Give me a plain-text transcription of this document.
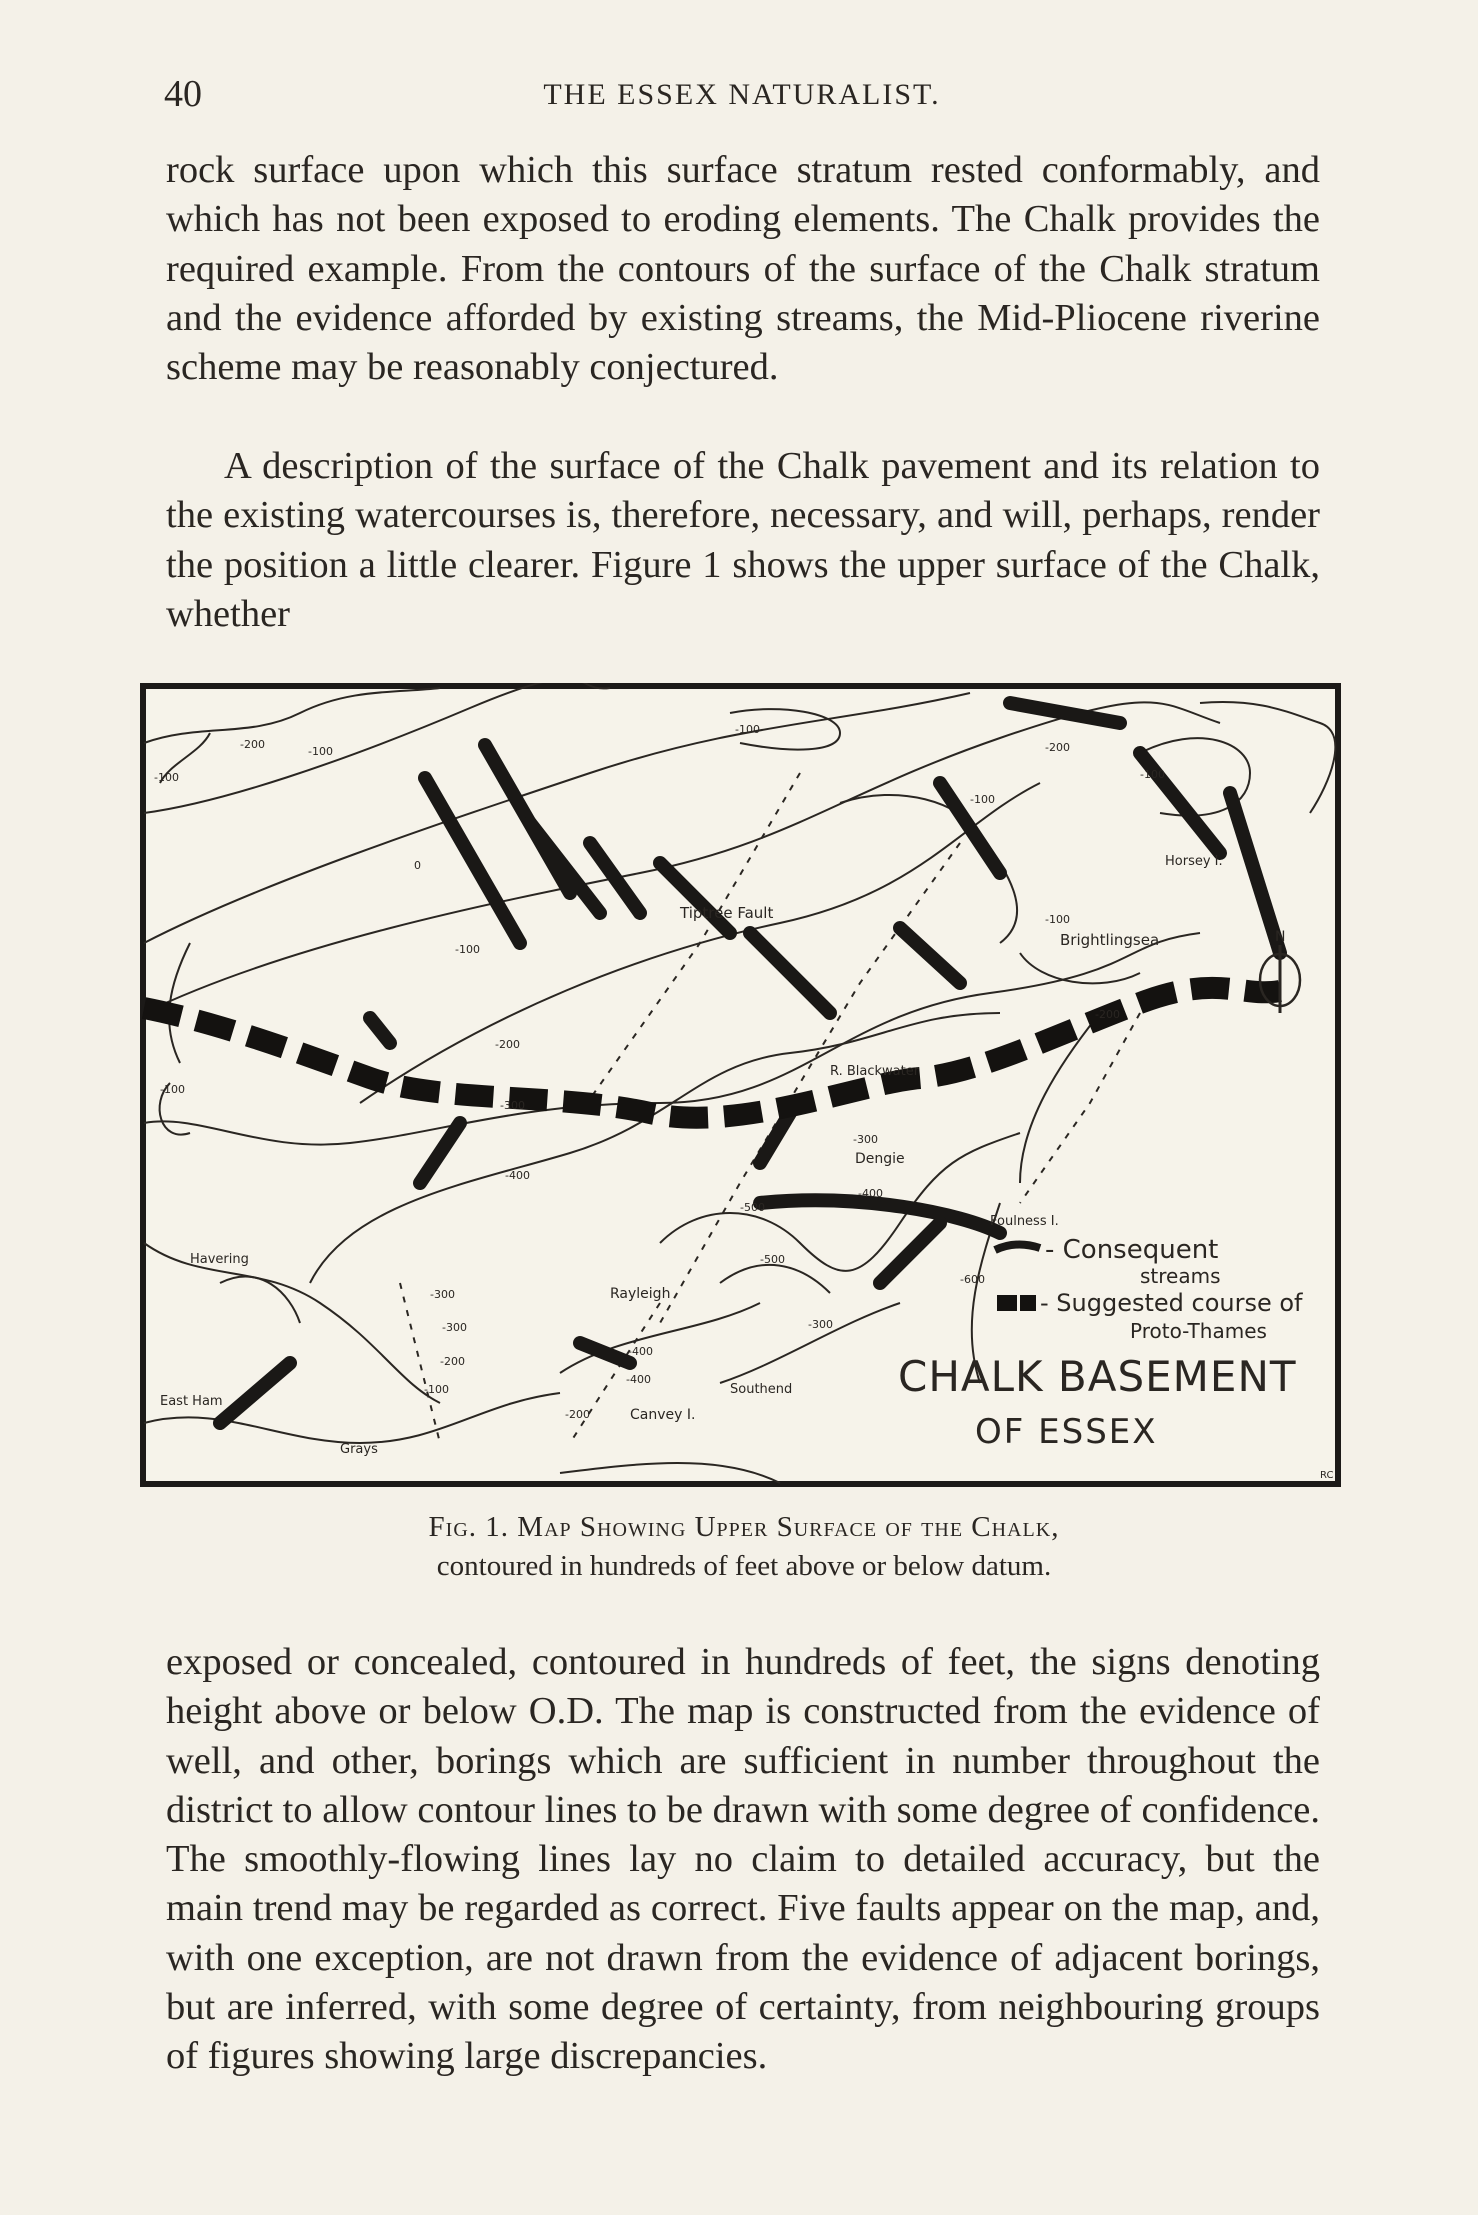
40	THE ESSEX NATURALIST.

rock surface upon which this surface stratum rested conformably, and which has not been exposed to eroding elements. The Chalk provides the required example. From the contours of the surface of the Chalk stratum and the evidence afforded by existing streams, the Mid-Pliocene riverine scheme may be reasonably conjectured.

A description of the surface of the Chalk pavement and its relation to the existing watercourses is, therefore, necessary, and will, perhaps, render the position a little clearer. Figure 1 shows the upper surface of the Chalk, whether

N
Tiptree Fault
Brightlingsea
Horsey I.
R. Blackwater
Dengie
Foulness I.
Havering
Rayleigh
East Ham
Grays
Canvey I.
Southend
-200
-100
-100
-100
-200
-100
-100
-100
0
-100
-200
-100
-200
-300
-400
-300
-400
-500
-600
-300
-500
-300
-200
-400
-400
-100
-200
-300
- Consequent
streams
- Suggested course of
Proto-Thames
CHALK BASEMENT
OF ESSEX
RC
Fig. 1. Map Showing Upper Surface of the Chalk,
contoured in hundreds of feet above or below datum.

exposed or concealed, contoured in hundreds of feet, the signs denoting height above or below O.D. The map is constructed from the evidence of well, and other, borings which are sufficient in number throughout the district to allow contour lines to be drawn with some degree of confidence. The smoothly-flowing lines lay no claim to detailed accuracy, but the main trend may be regarded as correct. Five faults appear on the map, and, with one exception, are not drawn from the evidence of adjacent borings, but are inferred, with some degree of certainty, from neighbouring groups of figures showing large discrepancies.
